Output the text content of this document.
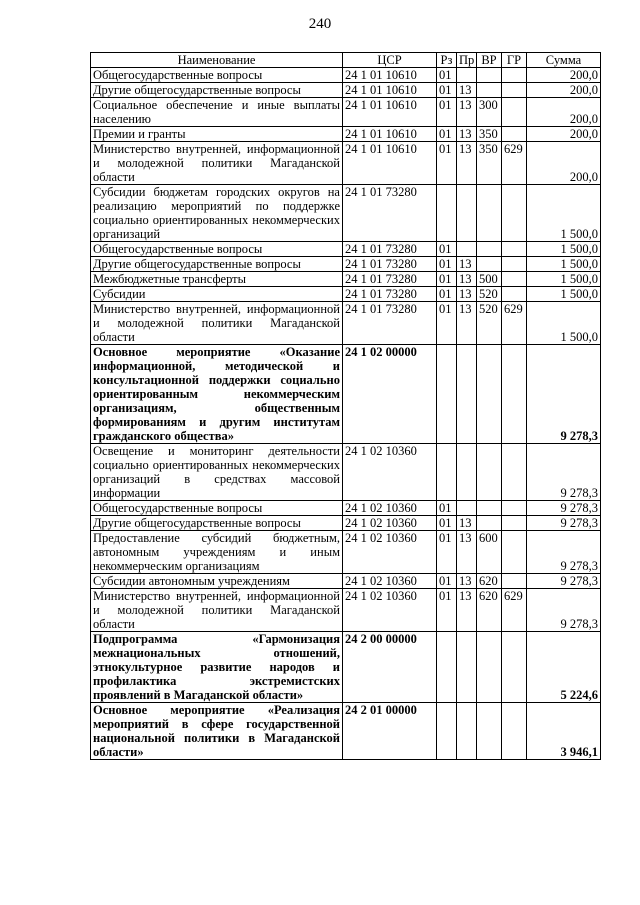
240
Наименование	ЦСР	Рз	Пр	ВР	ГР	Сумма
Общегосударственные вопросы	24 1 01 10610	01				200,0
Другие общегосударственные вопросы	24 1 01 10610	01	13			200,0
Социальное обеспечение и иные выплаты населению	24 1 01 10610	01	13	300		200,0
Премии и гранты	24 1 01 10610	01	13	350		200,0
Министерство внутренней, информационной и молодежной политики Магаданской области	24 1 01 10610	01	13	350	629	200,0
Субсидии бюджетам городских округов на реализацию мероприятий по поддержке социально ориентированных некоммерческих организаций	24 1 01 73280					1 500,0
Общегосударственные вопросы	24 1 01 73280	01				1 500,0
Другие общегосударственные вопросы	24 1 01 73280	01	13			1 500,0
Межбюджетные трансферты	24 1 01 73280	01	13	500		1 500,0
Субсидии	24 1 01 73280	01	13	520		1 500,0
Министерство внутренней, информационной и молодежной политики Магаданской области	24 1 01 73280	01	13	520	629	1 500,0
Основное мероприятие «Оказание информационной, методической и консультационной поддержки социально ориентированным некоммерческим организациям, общественным формированиям и другим институтам гражданского общества»	24 1 02 00000					9 278,3
Освещение и мониторинг деятельности социально ориентированных некоммерческих организаций в средствах массовой информации	24 1 02 10360					9 278,3
Общегосударственные вопросы	24 1 02 10360	01				9 278,3
Другие общегосударственные вопросы	24 1 02 10360	01	13			9 278,3
Предоставление субсидий бюджетным, автономным учреждениям и иным некоммерческим организациям	24 1 02 10360	01	13	600		9 278,3
Субсидии автономным учреждениям	24 1 02 10360	01	13	620		9 278,3
Министерство внутренней, информационной и молодежной политики Магаданской области	24 1 02 10360	01	13	620	629	9 278,3
Подпрограмма «Гармонизация межнациональных отношений, этнокультурное развитие народов и профилактика экстремистских проявлений в Магаданской области»	24 2 00 00000					5 224,6
Основное мероприятие «Реализация мероприятий в сфере государственной национальной политики в Магаданской области»	24 2 01 00000					3 946,1
